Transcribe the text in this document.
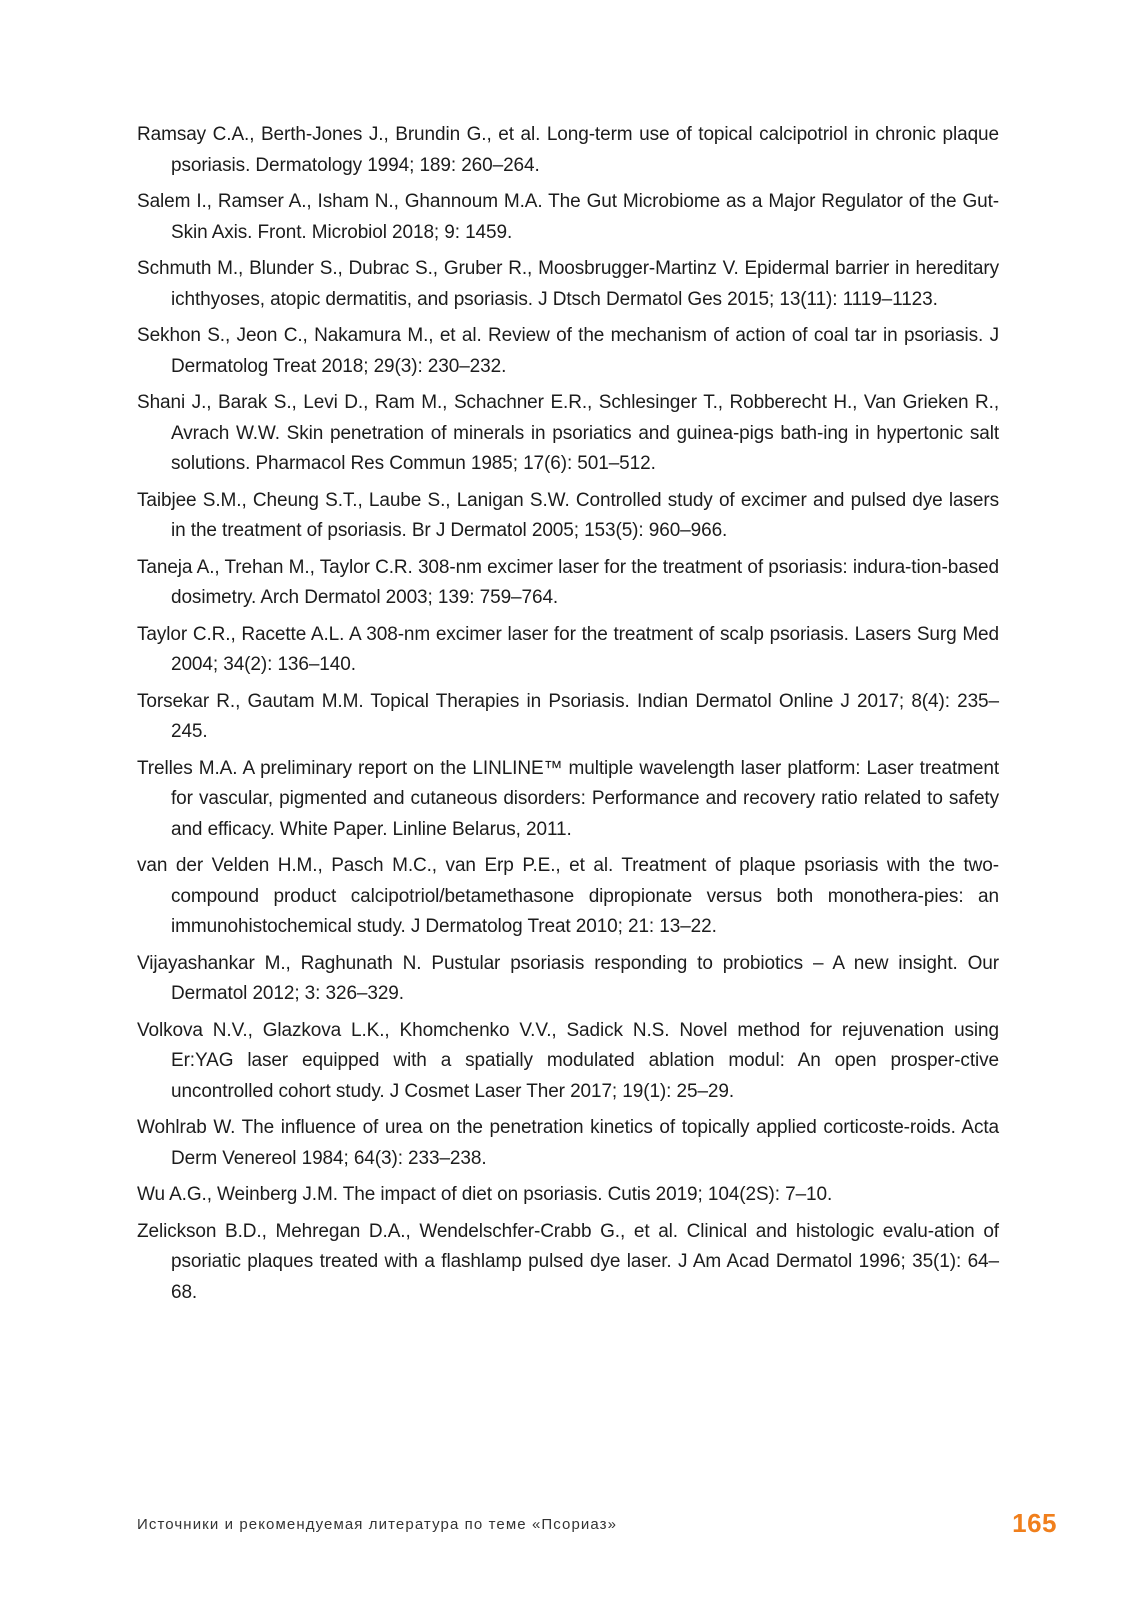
Ramsay C.A., Berth-Jones J., Brundin G., et al. Long-term use of topical calcipotriol in chronic plaque psoriasis. Dermatology 1994; 189: 260–264.
Salem I., Ramser A., Isham N., Ghannoum M.A. The Gut Microbiome as a Major Regulator of the Gut-Skin Axis. Front. Microbiol 2018; 9: 1459.
Schmuth M., Blunder S., Dubrac S., Gruber R., Moosbrugger-Martinz V. Epidermal barrier in hereditary ichthyoses, atopic dermatitis, and psoriasis. J Dtsch Dermatol Ges 2015; 13(11): 1119–1123.
Sekhon S., Jeon C., Nakamura M., et al. Review of the mechanism of action of coal tar in psoriasis. J Dermatolog Treat 2018; 29(3): 230–232.
Shani J., Barak S., Levi D., Ram M., Schachner E.R., Schlesinger T., Robberecht H., Van Grieken R., Avrach W.W. Skin penetration of minerals in psoriatics and guinea-pigs bath-ing in hypertonic salt solutions. Pharmacol Res Commun 1985; 17(6): 501–512.
Taibjee S.M., Cheung S.T., Laube S., Lanigan S.W. Controlled study of excimer and pulsed dye lasers in the treatment of psoriasis. Br J Dermatol 2005; 153(5): 960–966.
Taneja A., Trehan M., Taylor C.R. 308-nm excimer laser for the treatment of psoriasis: indura-tion-based dosimetry. Arch Dermatol 2003; 139: 759–764.
Taylor C.R., Racette A.L. A 308-nm excimer laser for the treatment of scalp psoriasis. Lasers Surg Med 2004; 34(2): 136–140.
Torsekar R., Gautam M.M. Topical Therapies in Psoriasis. Indian Dermatol Online J 2017; 8(4): 235–245.
Trelles M.A. A preliminary report on the LINLINE™ multiple wavelength laser platform: Laser treatment for vascular, pigmented and cutaneous disorders: Performance and recovery ratio related to safety and efficacy. White Paper. Linline Belarus, 2011.
van der Velden H.M., Pasch M.C., van Erp P.E., et al. Treatment of plaque psoriasis with the two-compound product calcipotriol/betamethasone dipropionate versus both monothera-pies: an immunohistochemical study. J Dermatolog Treat 2010; 21: 13–22.
Vijayashankar M., Raghunath N. Pustular psoriasis responding to probiotics – A new insight. Our Dermatol 2012; 3: 326–329.
Volkova N.V., Glazkova L.K., Khomchenko V.V., Sadick N.S. Novel method for rejuvenation using Er:YAG laser equipped with a spatially modulated ablation modul: An open prosper-ctive uncontrolled cohort study. J Cosmet Laser Ther 2017; 19(1): 25–29.
Wohlrab W. The influence of urea on the penetration kinetics of topically applied corticoste-roids. Acta Derm Venereol 1984; 64(3): 233–238.
Wu A.G., Weinberg J.M. The impact of diet on psoriasis. Cutis 2019; 104(2S): 7–10.
Zelickson B.D., Mehregan D.A., Wendelschfer-Crabb G., et al. Clinical and histologic evalu-ation of psoriatic plaques treated with a flashlamp pulsed dye laser. J Am Acad Dermatol 1996; 35(1): 64–68.
Источники и рекомендуемая литература по теме «Псориаз»	165
